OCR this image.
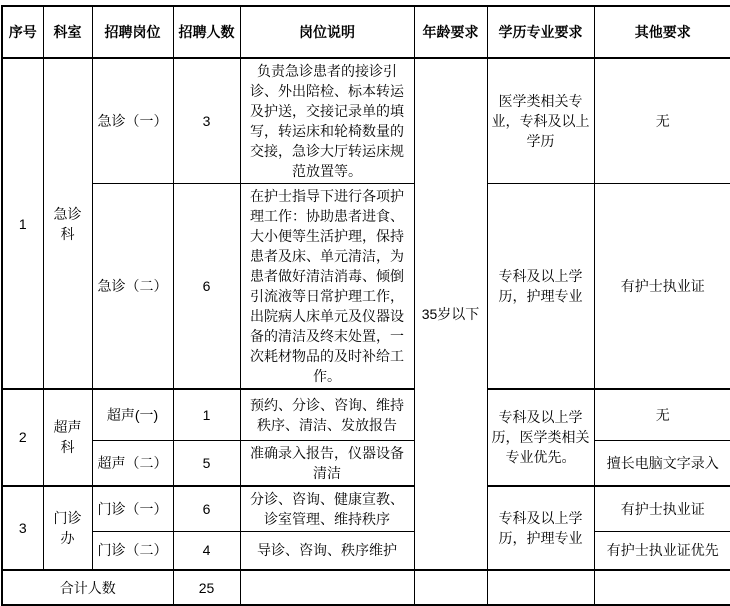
序号	科室	招聘岗位	招聘人数	岗位说明	年龄要求	学历专业要求	其他要求
1	急诊科	急诊（一）	3	负责急诊患者的接诊引诊、外出陪检、标本转运及护送，交接记录单的填写，转运床和轮椅数量的交接，急诊大厅转运床规范放置等。	35岁以下	医学类相关专业，专科及以上学历	无
		急诊（二）	6	在护士指导下进行各项护理工作：协助患者进食、大小便等生活护理，保持患者及床、单元清洁，为患者做好清洁消毒、倾倒引流液等日常护理工作，出院病人床单元及仪器设备的清洁及终末处置，一次耗材物品的及时补给工作。		专科及以上学历，护理专业	有护士执业证
2	超声科	超声(一)	1	预约、分诊、咨询、维持秩序、清洁、发放报告		专科及以上学历，医学类相关专业优先。	无
		超声（二）	5	准确录入报告，仪器设备清洁			擅长电脑文字录入
3	门诊办	门诊（一）	6	分诊、咨询、健康宣教、诊室管理、维持秩序		专科及以上学历，护理专业	有护士执业证
		门诊（二）	4	导诊、咨询、秩序维护			有护士执业证优先
合计人数			25				
